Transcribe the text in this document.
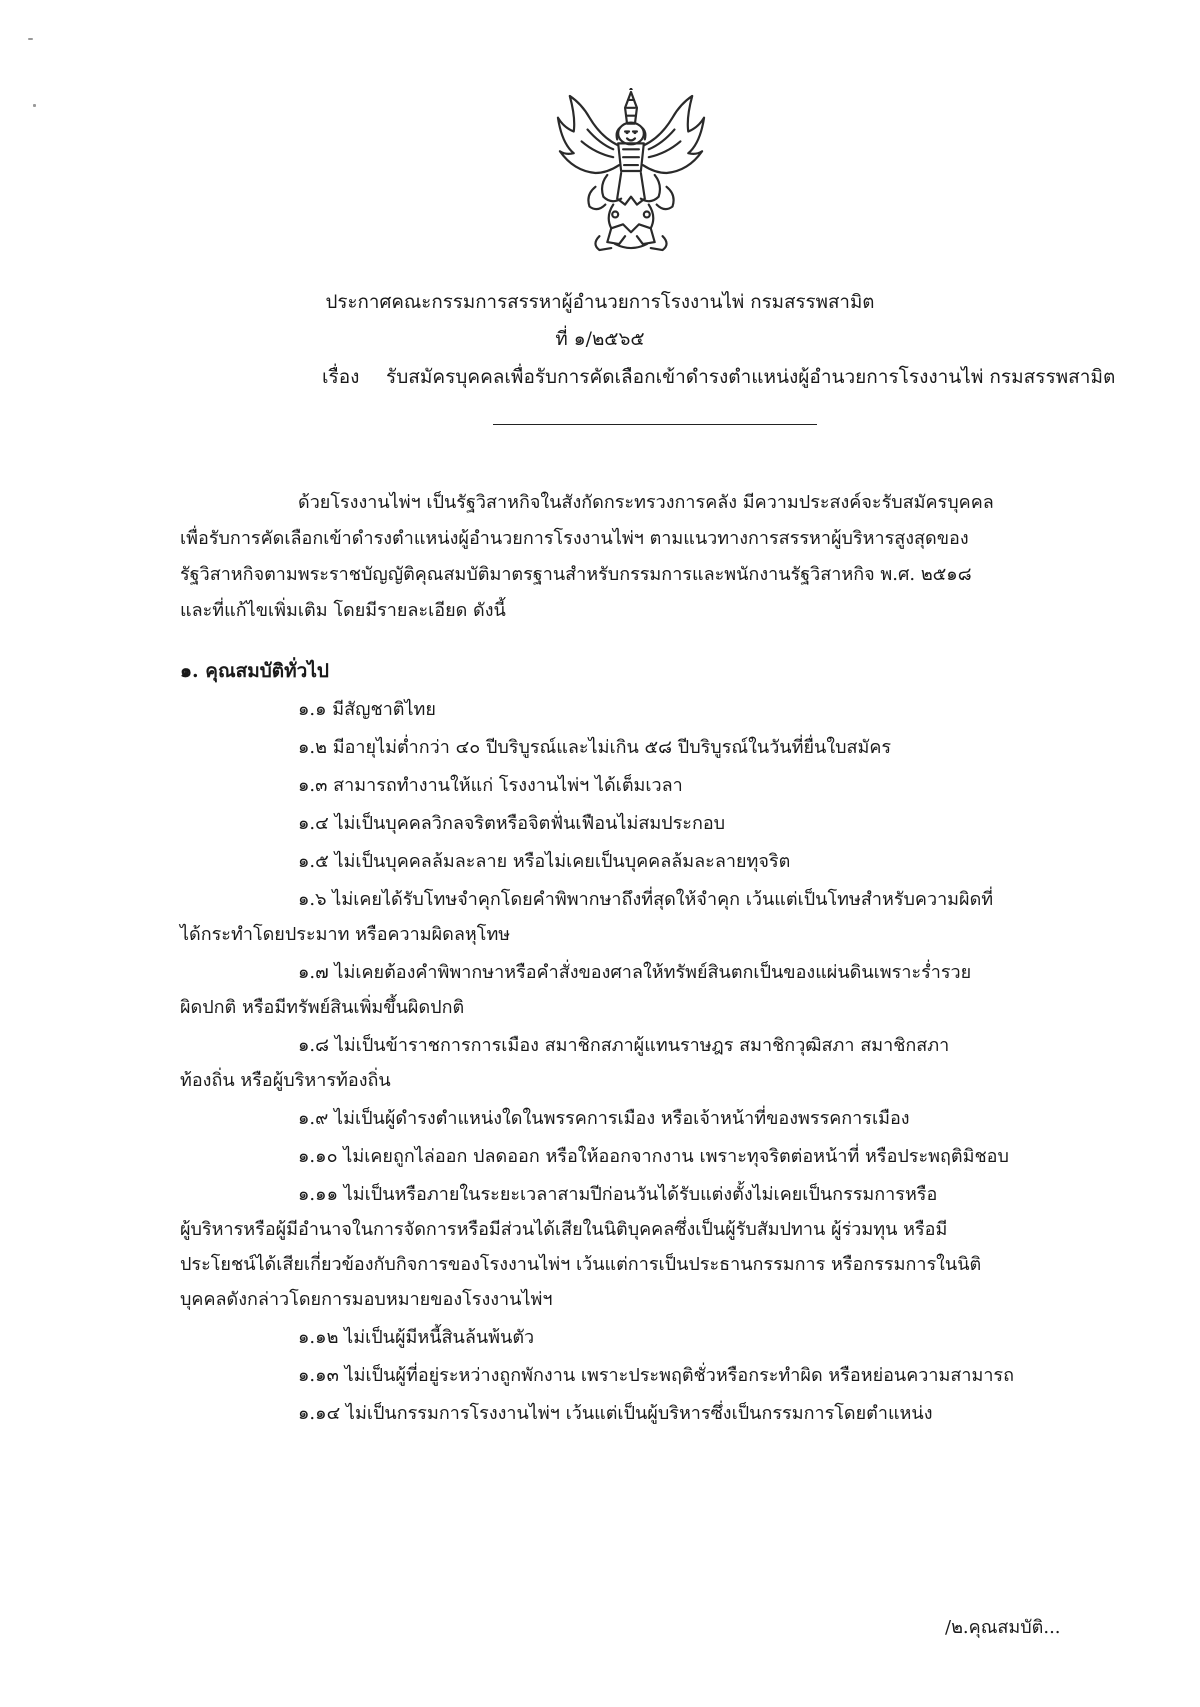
ประกาศคณะกรรมการสรรหาผู้อำนวยการโรงงานไพ่ กรมสรรพสามิต
ที่ ๑/๒๕๖๕
เรื่อง รับสมัครบุคคลเพื่อรับการคัดเลือกเข้าดำรงตำแหน่งผู้อำนวยการโรงงานไพ่ กรมสรรพสามิต
ด้วยโรงงานไพ่ฯ เป็นรัฐวิสาหกิจในสังกัดกระทรวงการคลัง มีความประสงค์จะรับสมัครบุคคล
เพื่อรับการคัดเลือกเข้าดำรงตำแหน่งผู้อำนวยการโรงงานไพ่ฯ ตามแนวทางการสรรหาผู้บริหารสูงสุดของ
รัฐวิสาหกิจตามพระราชบัญญัติคุณสมบัติมาตรฐานสำหรับกรรมการและพนักงานรัฐวิสาหกิจ พ.ศ. ๒๕๑๘
และที่แก้ไขเพิ่มเติม โดยมีรายละเอียด ดังนี้
๑. คุณสมบัติทั่วไป
๑.๑ มีสัญชาติไทย
๑.๒ มีอายุไม่ต่ำกว่า ๔๐ ปีบริบูรณ์และไม่เกิน ๕๘ ปีบริบูรณ์ในวันที่ยื่นใบสมัคร
๑.๓ สามารถทำงานให้แก่ โรงงานไพ่ฯ ได้เต็มเวลา
๑.๔ ไม่เป็นบุคคลวิกลจริตหรือจิตฟั่นเฟือนไม่สมประกอบ
๑.๕ ไม่เป็นบุคคลล้มละลาย หรือไม่เคยเป็นบุคคลล้มละลายทุจริต
๑.๖ ไม่เคยได้รับโทษจำคุกโดยคำพิพากษาถึงที่สุดให้จำคุก เว้นแต่เป็นโทษสำหรับความผิดที่
ได้กระทำโดยประมาท หรือความผิดลหุโทษ
๑.๗ ไม่เคยต้องคำพิพากษาหรือคำสั่งของศาลให้ทรัพย์สินตกเป็นของแผ่นดินเพราะร่ำรวย
ผิดปกติ หรือมีทรัพย์สินเพิ่มขึ้นผิดปกติ
๑.๘ ไม่เป็นข้าราชการการเมือง สมาชิกสภาผู้แทนราษฎร สมาชิกวุฒิสภา สมาชิกสภา
ท้องถิ่น หรือผู้บริหารท้องถิ่น
๑.๙ ไม่เป็นผู้ดำรงตำแหน่งใดในพรรคการเมือง หรือเจ้าหน้าที่ของพรรคการเมือง
๑.๑๐ ไม่เคยถูกไล่ออก ปลดออก หรือให้ออกจากงาน เพราะทุจริตต่อหน้าที่ หรือประพฤติมิชอบ
๑.๑๑ ไม่เป็นหรือภายในระยะเวลาสามปีก่อนวันได้รับแต่งตั้งไม่เคยเป็นกรรมการหรือ
ผู้บริหารหรือผู้มีอำนาจในการจัดการหรือมีส่วนได้เสียในนิติบุคคลซึ่งเป็นผู้รับสัมปทาน ผู้ร่วมทุน หรือมี
ประโยชน์ได้เสียเกี่ยวข้องกับกิจการของโรงงานไพ่ฯ เว้นแต่การเป็นประธานกรรมการ หรือกรรมการในนิติ
บุคคลดังกล่าวโดยการมอบหมายของโรงงานไพ่ฯ
๑.๑๒ ไม่เป็นผู้มีหนี้สินล้นพ้นตัว
๑.๑๓ ไม่เป็นผู้ที่อยู่ระหว่างถูกพักงาน เพราะประพฤติชั่วหรือกระทำผิด หรือหย่อนความสามารถ
๑.๑๔ ไม่เป็นกรรมการโรงงานไพ่ฯ เว้นแต่เป็นผู้บริหารซึ่งเป็นกรรมการโดยตำแหน่ง
/๒.คุณสมบัติ...
